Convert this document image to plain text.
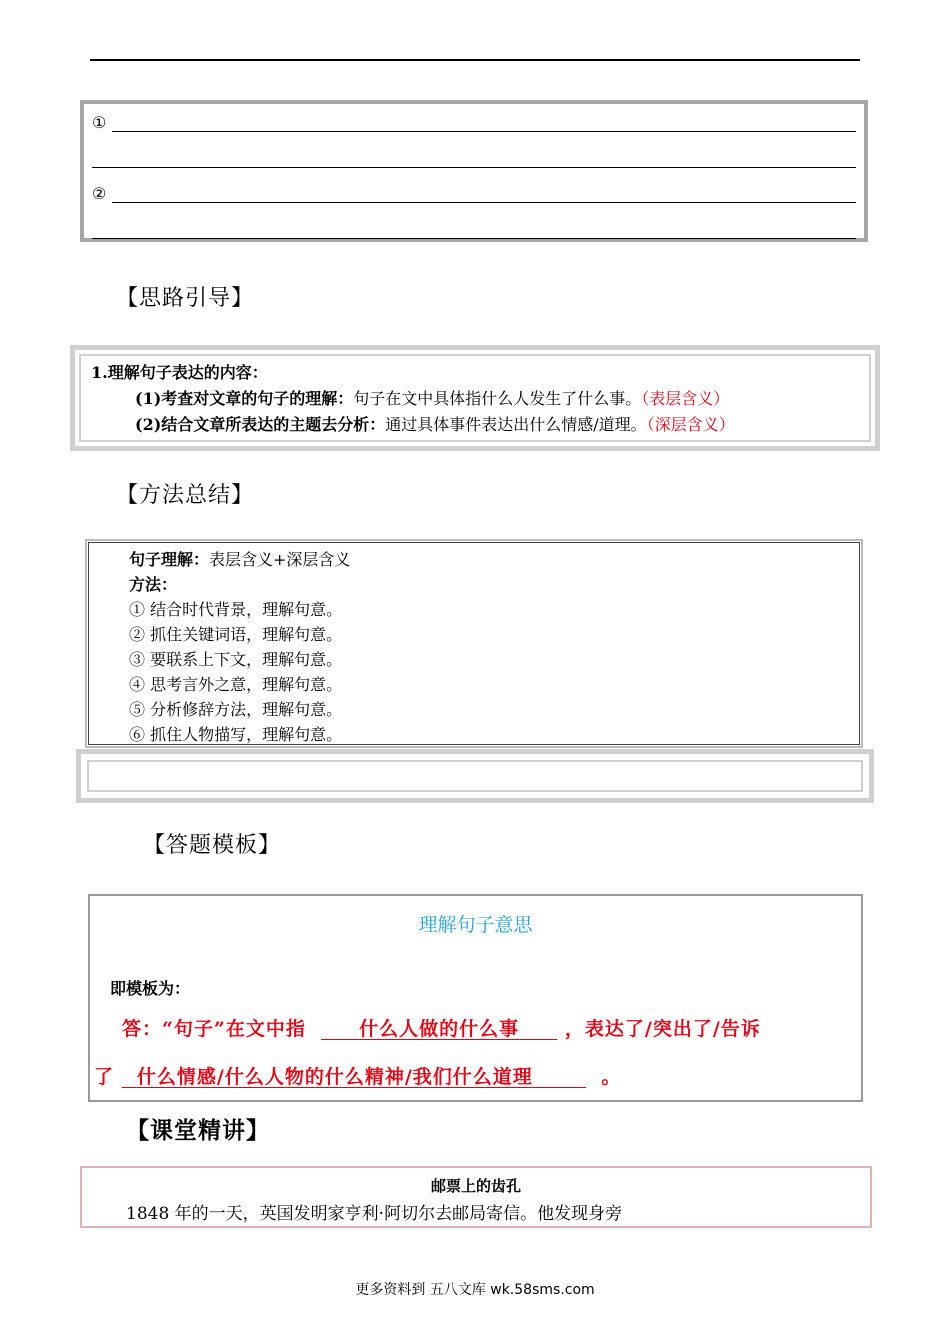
①
②
【思路引导】
1.理解句子表达的内容：
(1)考查对文章的句子的理解：句子在文中具体指什么人发生了什么事。（表层含义）
(2)结合文章所表达的主题去分析：通过具体事件表达出什么情感/道理。（深层含义）
【方法总结】
句子理解：表层含义+深层含义
方法：
① 结合时代背景，理解句意。
② 抓住关键词语，理解句意。
③ 要联系上下文，理解句意。
④ 思考言外之意，理解句意。
⑤ 分析修辞方法，理解句意。
⑥ 抓住人物描写，理解句意。
【答题模板】
理解句子意思
即模板为：
答：“句子”在文中指	什么人做的什么事 ，表达了/突出了/告诉
了 什么情感/什么人物的什么精神/我们什么道理	。
【课堂精讲】
邮票上的齿孔
1848 年的一天，英国发明家亨利·阿切尔去邮局寄信。他发现身旁
更多资料到 五八文库 wk.58sms.com
